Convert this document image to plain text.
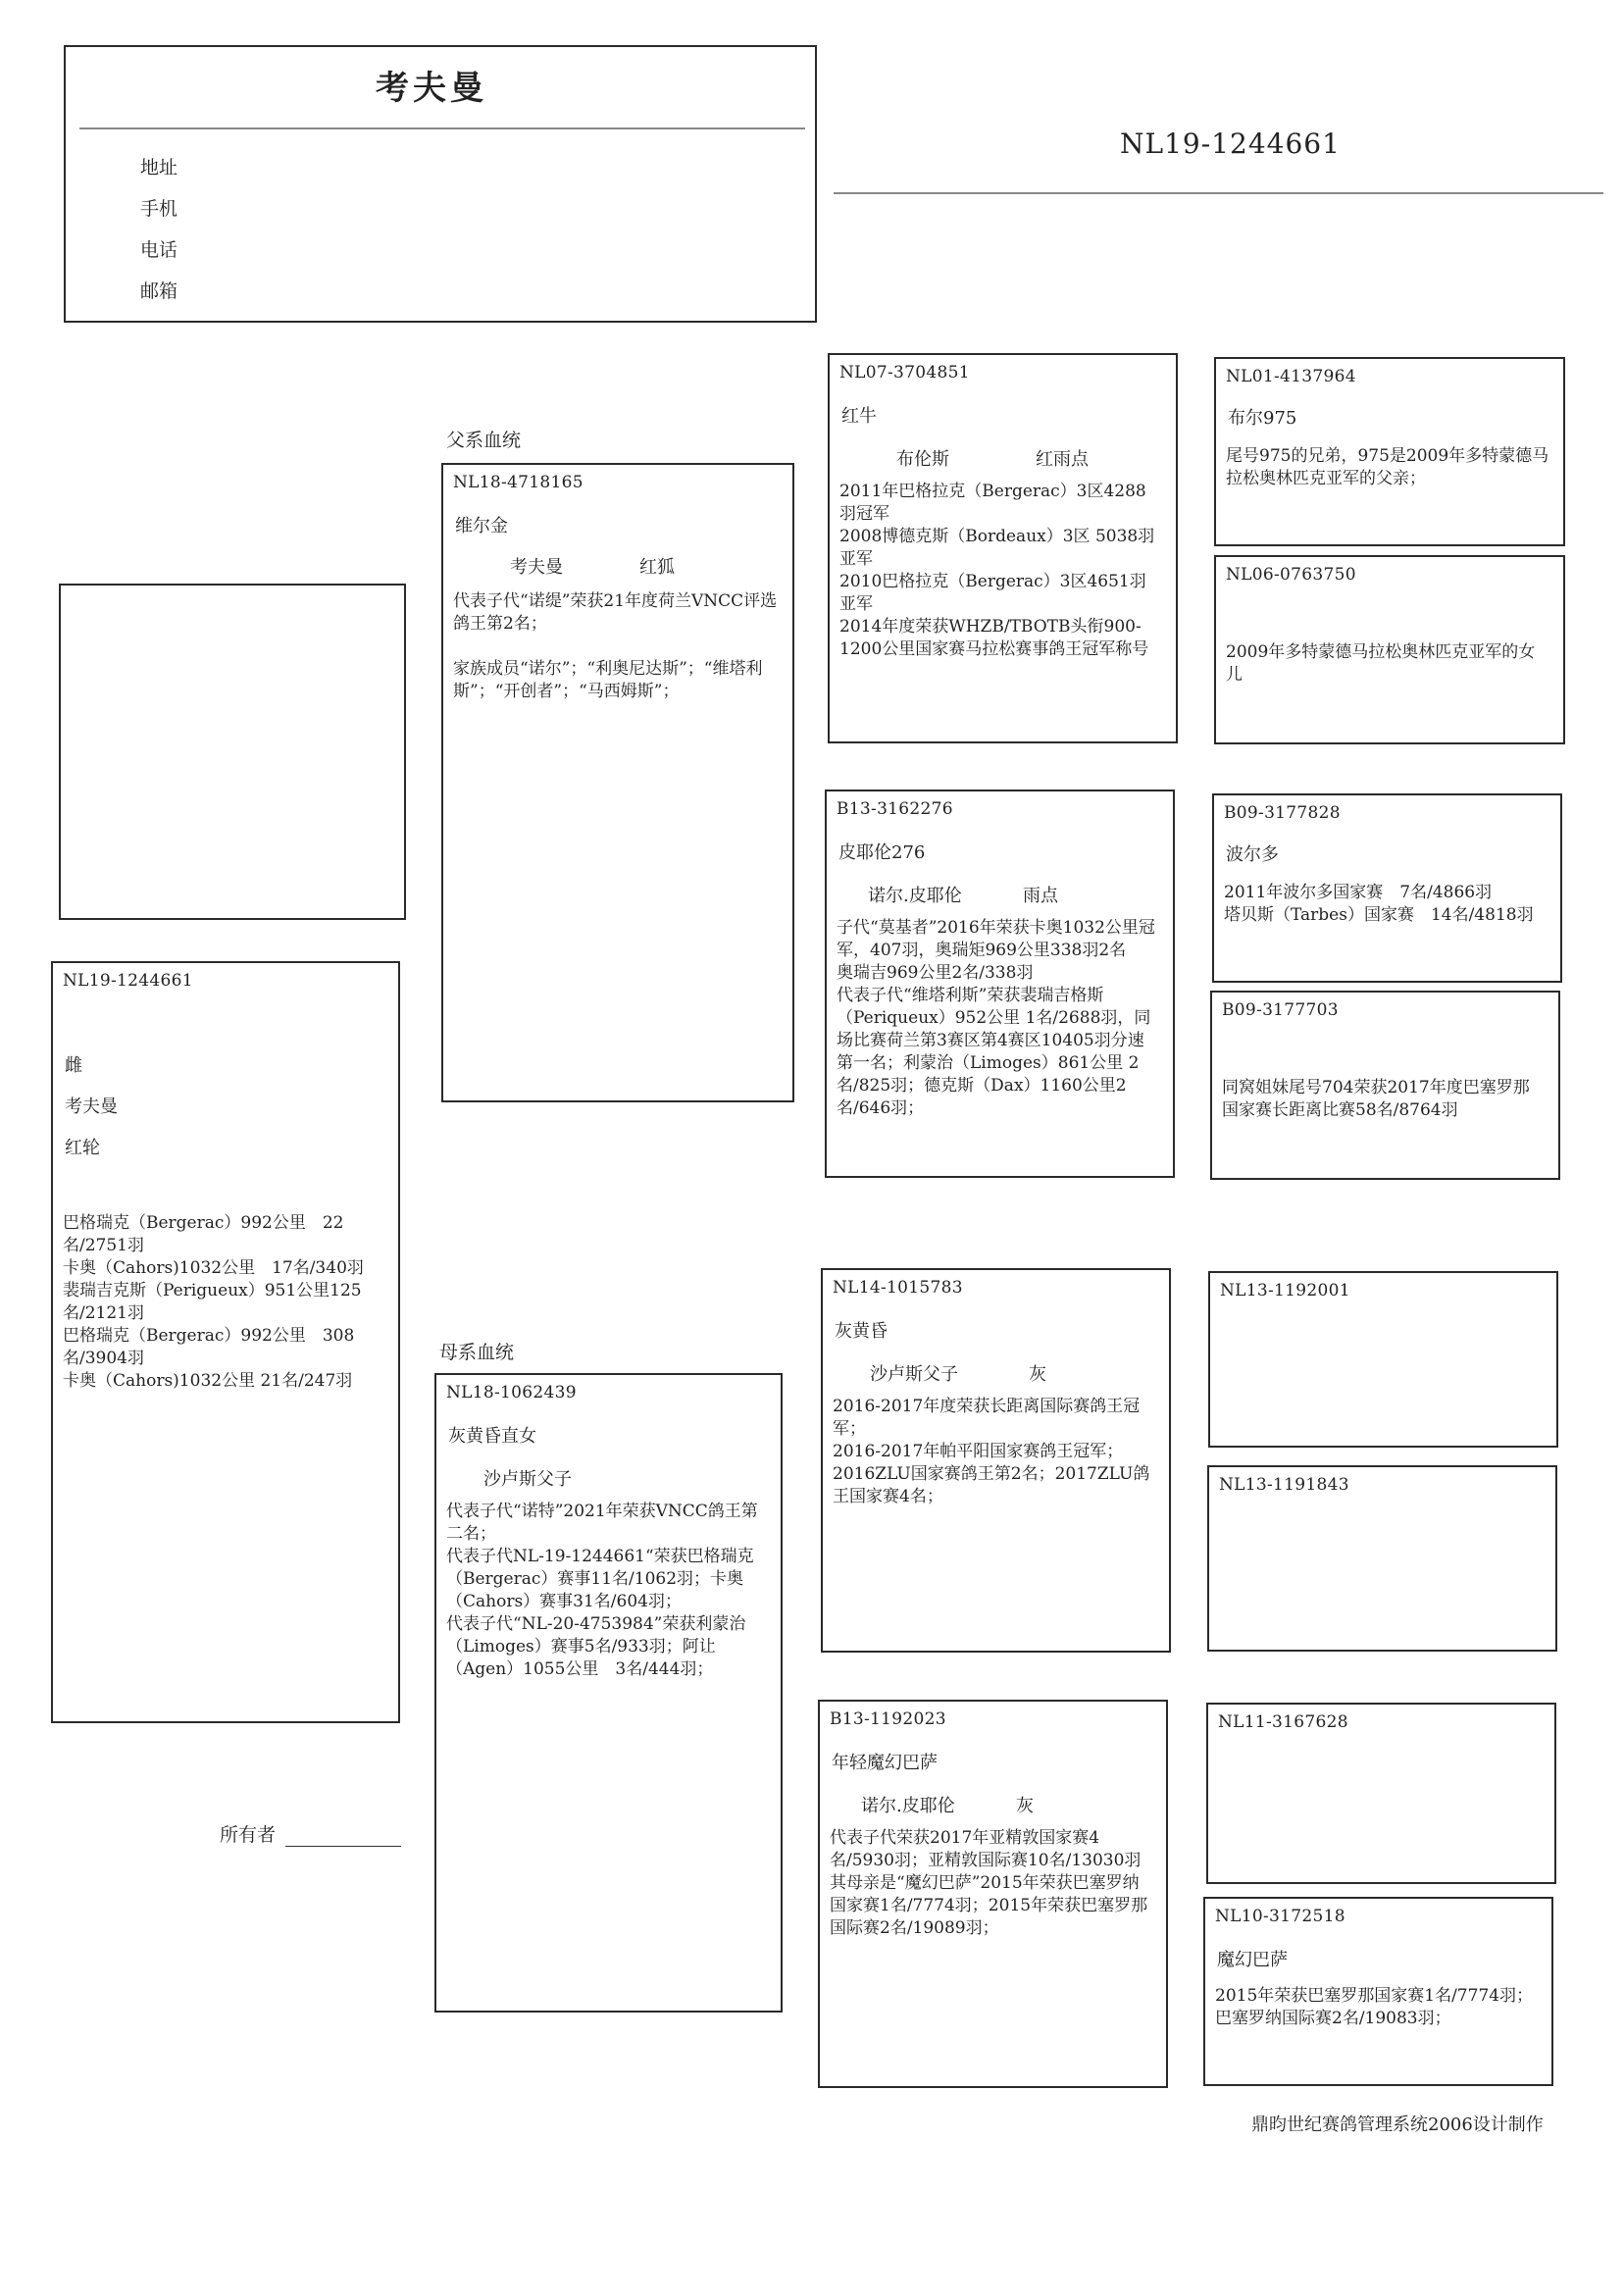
考夫曼
地址
手机
电话
邮箱
NL19-1244661
NL19-1244661
雌
考夫曼
红轮
巴格瑞克（Bergerac）992公里　22名/2751羽
卡奥（Cahors)1032公里　17名/340羽
裴瑞吉克斯（Perigueux）951公里125名/2121羽
巴格瑞克（Bergerac）992公里　308名/3904羽
卡奥（Cahors)1032公里 21名/247羽
所有者
父系血统
NL18-4718165
维尔金
考夫曼	红狐
代表子代“诺缇”荣获21年度荷兰VNCC评选鸽王第2名；

家族成员“诺尔”；“利奥尼达斯”；“维塔利斯”；“开创者”；“马西姆斯”；
母系血统
NL18-1062439
灰黄昏直女
沙卢斯父子
代表子代“诺特”2021年荣获VNCC鸽王第二名；
代表子代NL-19-1244661“荣获巴格瑞克（Bergerac）赛事11名/1062羽；卡奥（Cahors）赛事31名/604羽；
代表子代“NL-20-4753984”荣获利蒙治（Limoges）赛事5名/933羽；阿让（Agen）1055公里　3名/444羽；
NL07-3704851
红牛
布伦斯	红雨点
2011年巴格拉克（Bergerac）3区4288羽冠军
2008博德克斯（Bordeaux）3区 5038羽 亚军
2010巴格拉克（Bergerac）3区4651羽亚军
2014年度荣获WHZB/TBOTB头衔900-1200公里国家赛马拉松赛事鸽王冠军称号
B13-3162276
皮耶伦276
诺尔.皮耶伦	雨点
子代“莫基者”2016年荣获卡奥1032公里冠军，407羽，奥瑞矩969公里338羽2名
奥瑞吉969公里2名/338羽
代表子代“维塔利斯”荣获裴瑞吉格斯（Periqueux）952公里 1名/2688羽，同场比赛荷兰第3赛区第4赛区10405羽分速第一名；利蒙治（Limoges）861公里 2名/825羽；德克斯（Dax）1160公里2名/646羽；
NL14-1015783
灰黄昏
沙卢斯父子	灰
2016-2017年度荣获长距离国际赛鸽王冠军；
2016-2017年帕平阳国家赛鸽王冠军；
2016ZLU国家赛鸽王第2名；2017ZLU鸽王国家赛4名；
B13-1192023
年轻魔幻巴萨
诺尔.皮耶伦	灰
代表子代荣获2017年亚精敦国家赛4名/5930羽；亚精敦国际赛10名/13030羽
其母亲是“魔幻巴萨”2015年荣获巴塞罗纳国家赛1名/7774羽；2015年荣获巴塞罗那国际赛2名/19089羽；
NL01-4137964
布尔975
尾号975的兄弟，975是2009年多特蒙德马拉松奥林匹克亚军的父亲；
NL06-0763750
2009年多特蒙德马拉松奥林匹克亚军的女儿
B09-3177828
波尔多
2011年波尔多国家赛　7名/4866羽
塔贝斯（Tarbes）国家赛　14名/4818羽
B09-3177703
同窝姐妹尾号704荣获2017年度巴塞罗那国家赛长距离比赛58名/8764羽
NL13-1192001
NL13-1191843
NL11-3167628
NL10-3172518
魔幻巴萨
2015年荣获巴塞罗那国家赛1名/7774羽；巴塞罗纳国际赛2名/19083羽；
鼎昀世纪赛鸽管理系统2006设计制作
